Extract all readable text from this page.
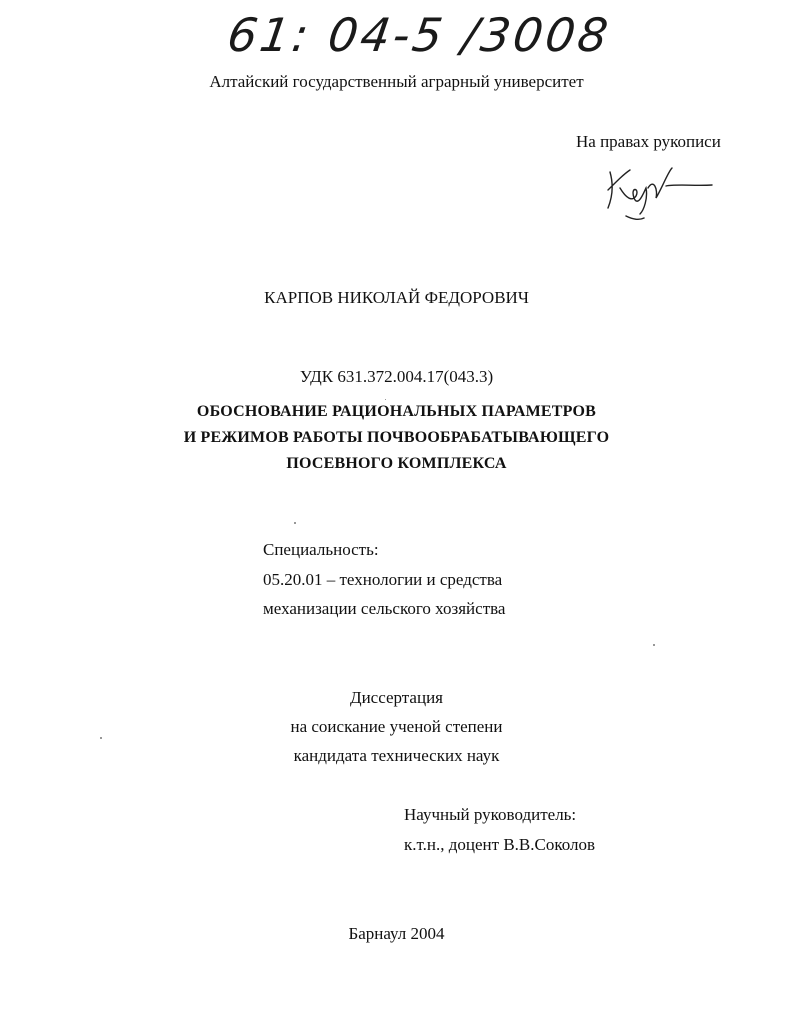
61: 04-5 /3008
Алтайский государственный аграрный университет
На правах рукописи
КАРПОВ НИКОЛАЙ ФЕДОРОВИЧ
УДК 631.372.004.17(043.3)
ОБОСНОВАНИЕ РАЦИОНАЛЬНЫХ ПАРАМЕТРОВ
И РЕЖИМОВ РАБОТЫ ПОЧВООБРАБАТЫВАЮЩЕГО
ПОСЕВНОГО КОМПЛЕКСА
Специальность:
05.20.01 – технологии и средства
механизации сельского хозяйства
Диссертация
на соискание ученой степени
кандидата технических наук
Научный руководитель:
к.т.н., доцент В.В.Соколов
Барнаул 2004
